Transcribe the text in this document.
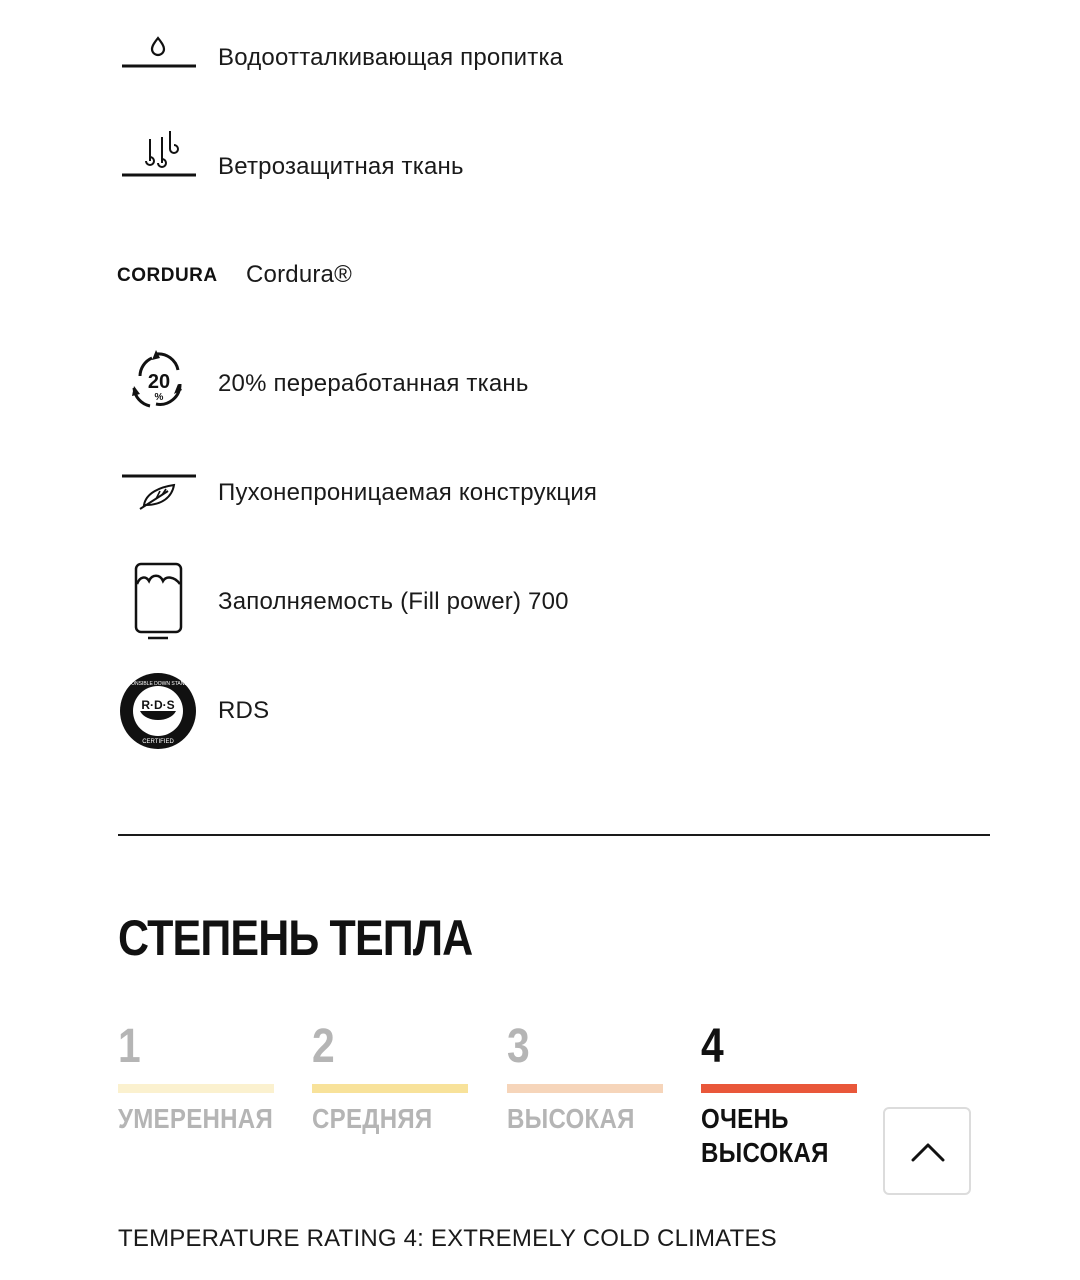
Водоотталкивающая пропитка
Ветрозащитная ткань
CORDURA Cordura®
20
%
20% переработанная ткань
Пухонепроницаемая конструкция
Заполняемость (Fill power) 700
R·D·S
RESPONSIBLE DOWN STANDARD
CERTIFIED
RDS
СТЕПЕНЬ ТЕПЛА
1
УМЕРЕННАЯ
2
СРЕДНЯЯ
3
ВЫСОКАЯ
4
ОЧЕНЬ
ВЫСОКАЯ
TEMPERATURE RATING 4: EXTREMELY COLD CLIMATES
